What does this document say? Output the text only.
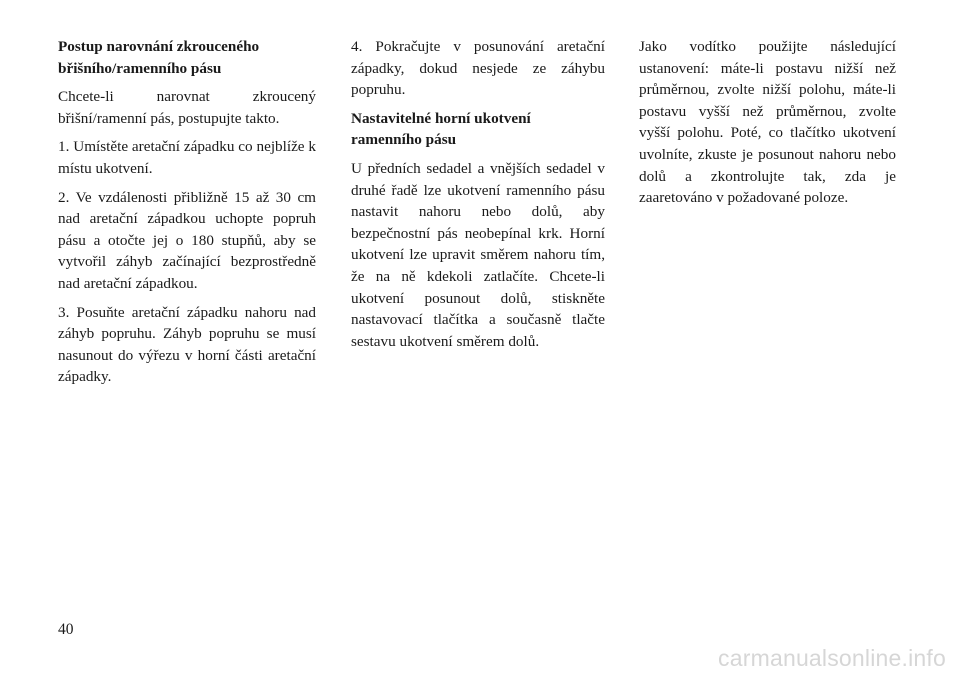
Postup narovnání zkrouceného břišního/ramenního pásu

Chcete-li narovnat zkroucený břišní/ramenní pás, postupujte takto.

1. Umístěte aretační západku co nejblíže k místu ukotvení.

2. Ve vzdálenosti přibližně 15 až 30 cm nad aretační západkou uchopte popruh pásu a otočte jej o 180 stupňů, aby se vytvořil záhyb začínající bezprostředně nad aretační západkou.

3. Posuňte aretační západku nahoru nad záhyb popruhu. Záhyb popruhu se musí nasunout do výřezu v horní části aretační západky.

4. Pokračujte v posunování aretační západky, dokud nesjede ze záhybu popruhu.

Nastavitelné horní ukotvení ramenního pásu

U předních sedadel a vnějších sedadel v druhé řadě lze ukotvení ramenního pásu nastavit nahoru nebo dolů, aby bezpečnostní pás neobepínal krk. Horní ukotvení lze upravit směrem nahoru tím, že na ně kdekoli zatlačíte. Chcete-li ukotvení posunout dolů, stiskněte nastavovací tlačítka a současně tlačte sestavu ukotvení směrem dolů.

Jako vodítko použijte následující ustanovení: máte-li postavu nižší než průměrnou, zvolte nižší polohu, máte-li postavu vyšší než průměrnou, zvolte vyšší polohu. Poté, co tlačítko ukotvení uvolníte, zkuste je posunout nahoru nebo dolů a zkontrolujte tak, zda je zaaretováno v požadované poloze.

40
carmanualsonline.info
